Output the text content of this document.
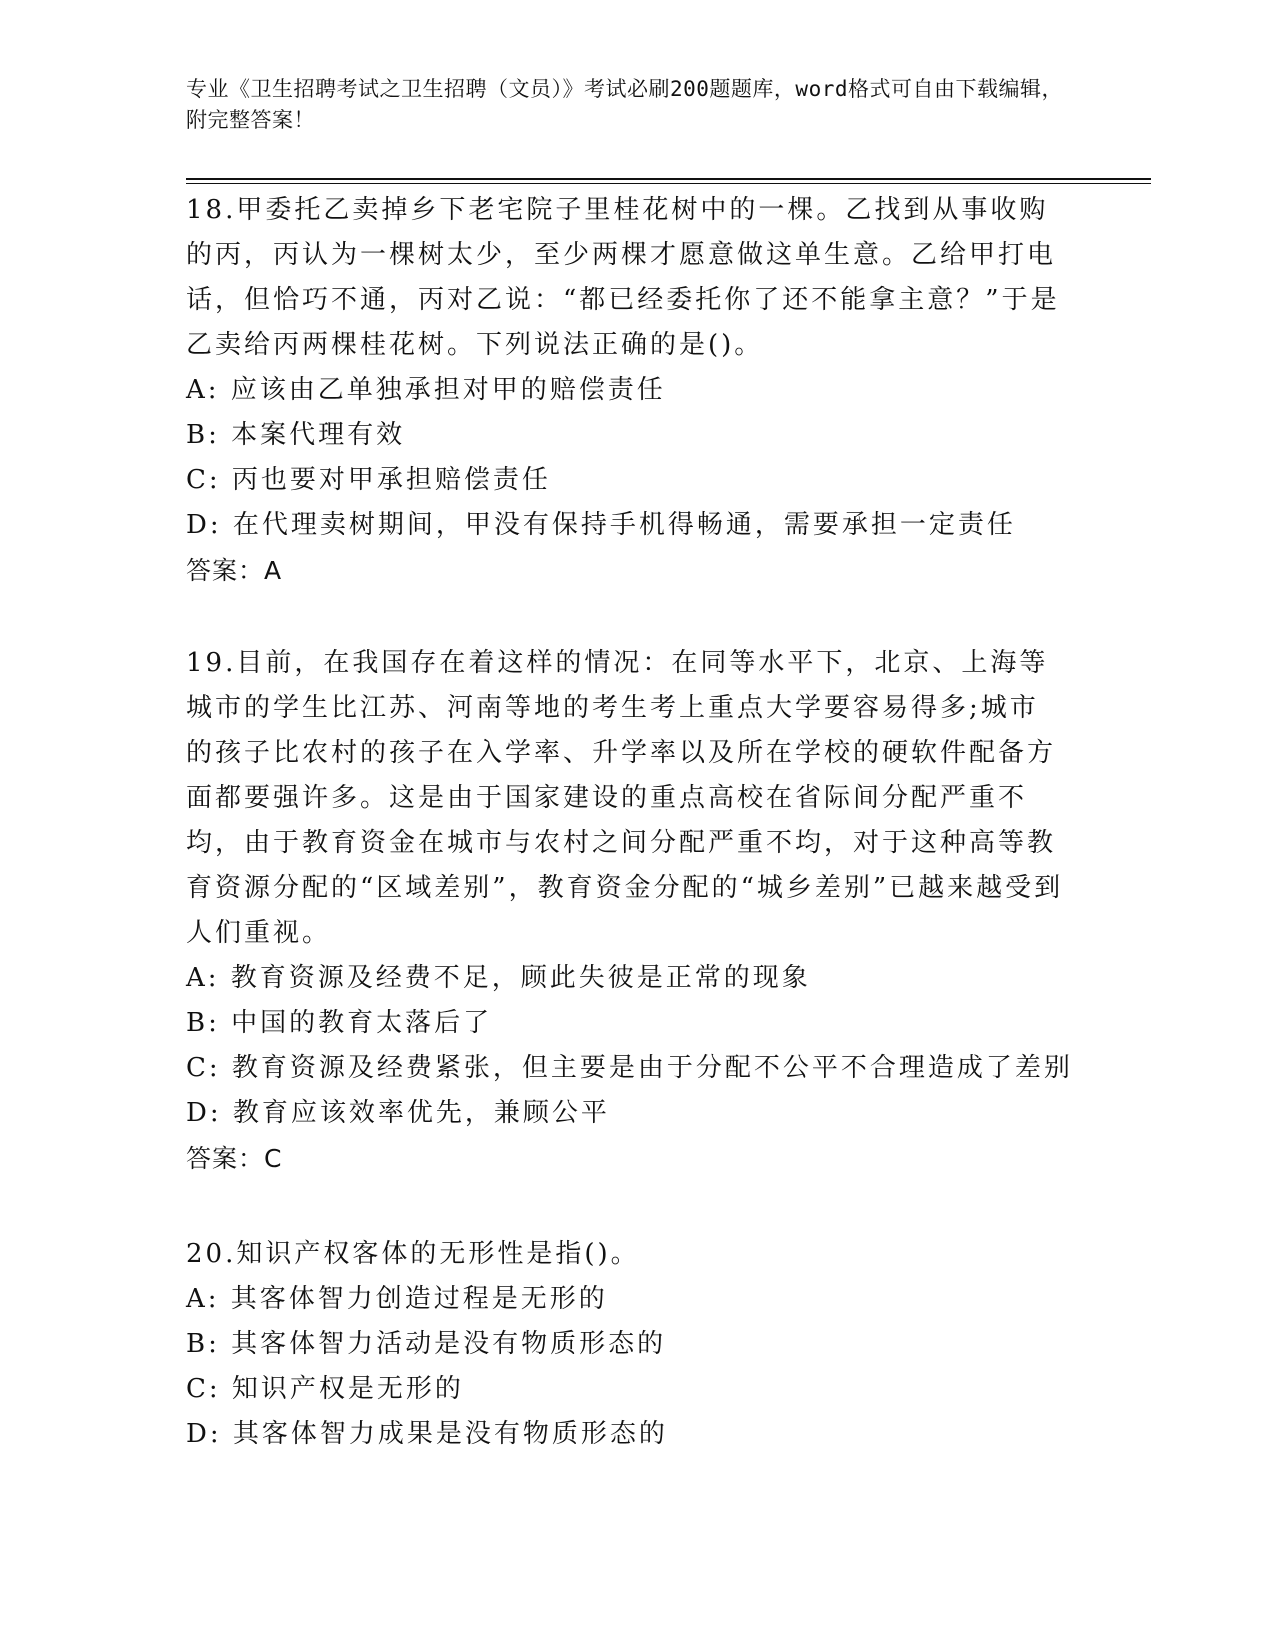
专业《卫生招聘考试之卫生招聘（文员）》考试必刷200题题库，word格式可自由下载编辑，附完整答案！

18.甲委托乙卖掉乡下老宅院子里桂花树中的一棵。乙找到从事收购的丙，丙认为一棵树太少，至少两棵才愿意做这单生意。乙给甲打电话，但恰巧不通，丙对乙说：“都已经委托你了还不能拿主意？”于是乙卖给丙两棵桂花树。下列说法正确的是()。

A: 应该由乙单独承担对甲的赔偿责任

B: 本案代理有效

C: 丙也要对甲承担赔偿责任

D: 在代理卖树期间，甲没有保持手机得畅通，需要承担一定责任

答案：A

19.目前，在我国存在着这样的情况：在同等水平下，北京、上海等城市的学生比江苏、河南等地的考生考上重点大学要容易得多;城市的孩子比农村的孩子在入学率、升学率以及所在学校的硬软件配备方面都要强许多。这是由于国家建设的重点高校在省际间分配严重不均，由于教育资金在城市与农村之间分配严重不均，对于这种高等教育资源分配的“区域差别”，教育资金分配的“城乡差别”已越来越受到人们重视。

A: 教育资源及经费不足，顾此失彼是正常的现象

B: 中国的教育太落后了

C: 教育资源及经费紧张，但主要是由于分配不公平不合理造成了差别

D: 教育应该效率优先，兼顾公平

答案：C

20.知识产权客体的无形性是指()。

A: 其客体智力创造过程是无形的

B: 其客体智力活动是没有物质形态的

C: 知识产权是无形的

D: 其客体智力成果是没有物质形态的
